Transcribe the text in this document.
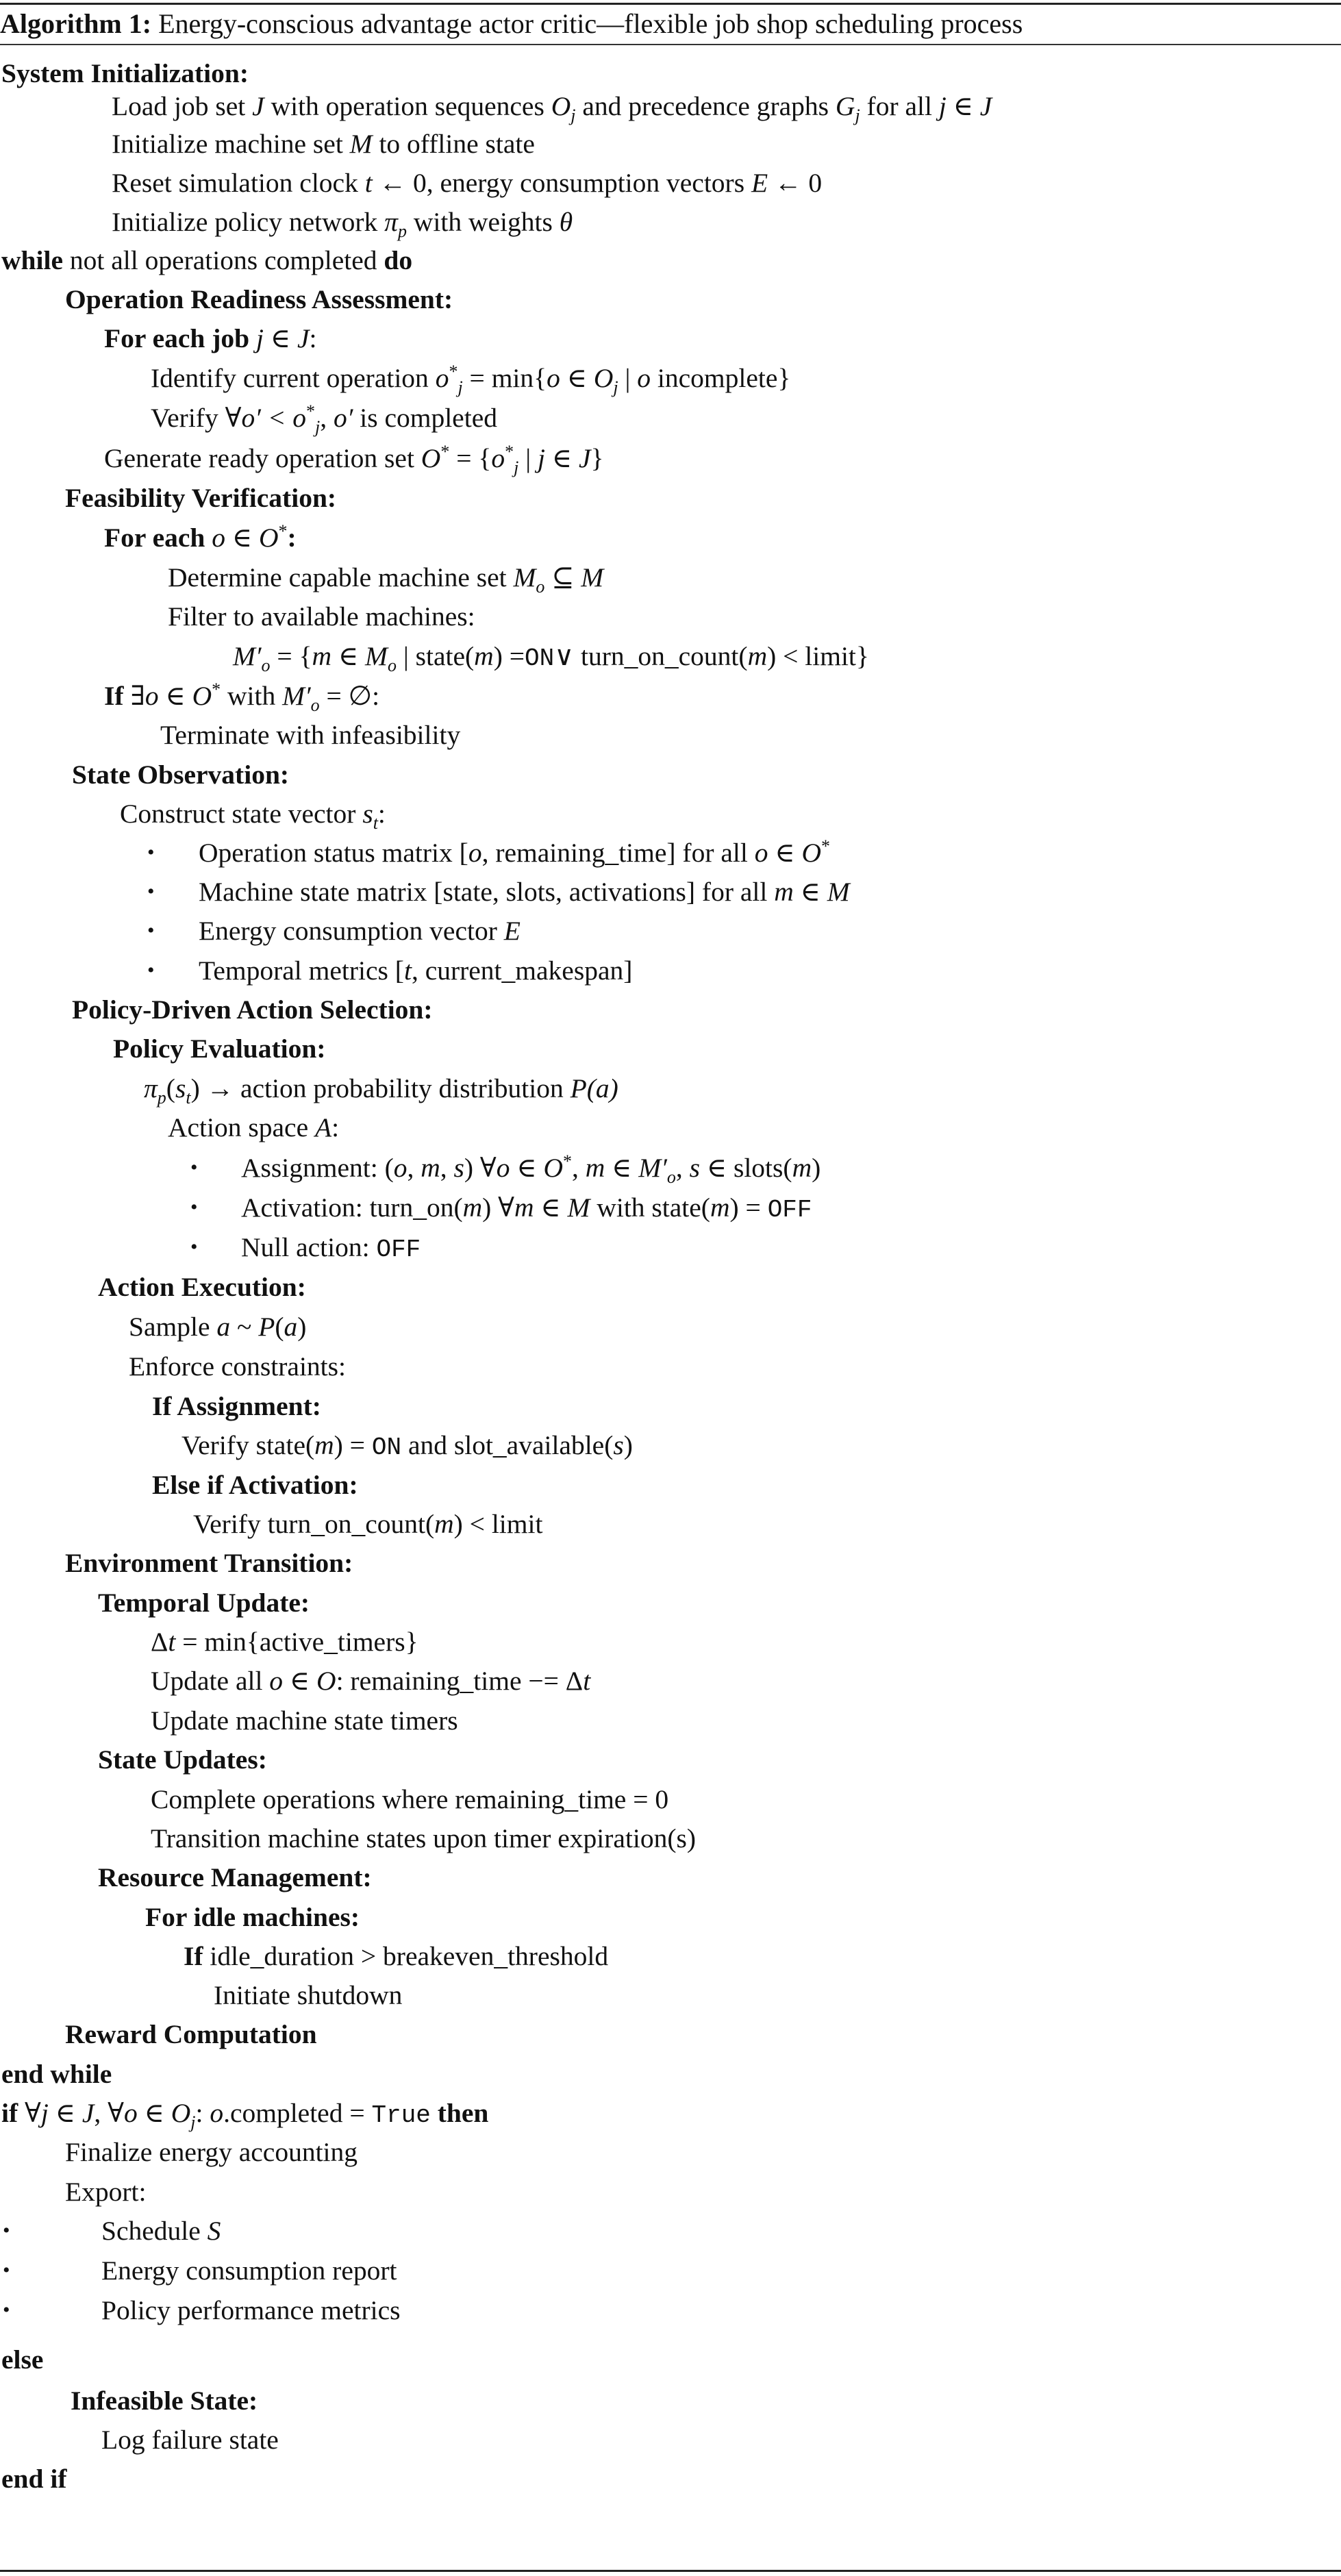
Algorithm 1: Energy-conscious advantage actor critic—flexible job shop scheduling process
System Initialization:
Load job set J with operation sequences $O_j$ and precedence graphs $G_j$ for all j ∈ J
Initialize machine set M to offline state
Reset simulation clock t ← 0, energy consumption vectors E ← 0
Initialize policy network $\pi_p$ with weights θ
while not all operations completed do
Operation Readiness Assessment:
For each job j ∈ J:
Identify current operation $o^*_j = \min\{o$ ∈ $O_j$ | o incomplete}
Verify ∀o′ < $o^*_j$, o′ is completed
Generate ready operation set $O^* = \{o^*_j$ | j ∈ J}
Feasibility Verification:
For each o ∈ O*:
Determine capable machine set $M_o$ ⊆ M
Filter to available machines:
$M'_o = \{m$ ∈ $M_o$ | state(m) =ON∨ turn_on_count(m) < limit}
If ∃o ∈ O* with $M'_o$ = ∅:
Terminate with infeasibility
State Observation:
Construct state vector $s_t$:
• Operation status matrix [o, remaining_time] for all o ∈ O*
• Machine state matrix [state, slots, activations] for all m ∈ M
• Energy consumption vector E
• Temporal metrics [t, current_makespan]
Policy-Driven Action Selection:
Policy Evaluation:
$\pi_p(s_t)$ → action probability distribution P(a)
Action space A:
• Assignment: (o, m, s) ∀o ∈ O*, m ∈ $M'_o$, s ∈ slots(m)
• Activation: turn_on(m) ∀m ∈ M with state(m) = OFF
• Null action: OFF
Action Execution:
Sample a ~ P(a)
Enforce constraints:
If Assignment:
Verify state(m) = ON and slot_available(s)
Else if Activation:
Verify turn_on_count(m) < limit
Environment Transition:
Temporal Update:
Δt = min{active_timers}
Update all o ∈ O: remaining_time −= Δt
Update machine state timers
State Updates:
Complete operations where remaining_time = 0
Transition machine states upon timer expiration(s)
Resource Management:
For idle machines:
If idle_duration > breakeven_threshold
Initiate shutdown
Reward Computation
end while
if ∀j ∈ J, ∀o ∈ $O_j$: o.completed = True then
Finalize energy accounting
Export:
•	Schedule S
•	Energy consumption report
•	Policy performance metrics
else
Infeasible State:
Log failure state
end if
